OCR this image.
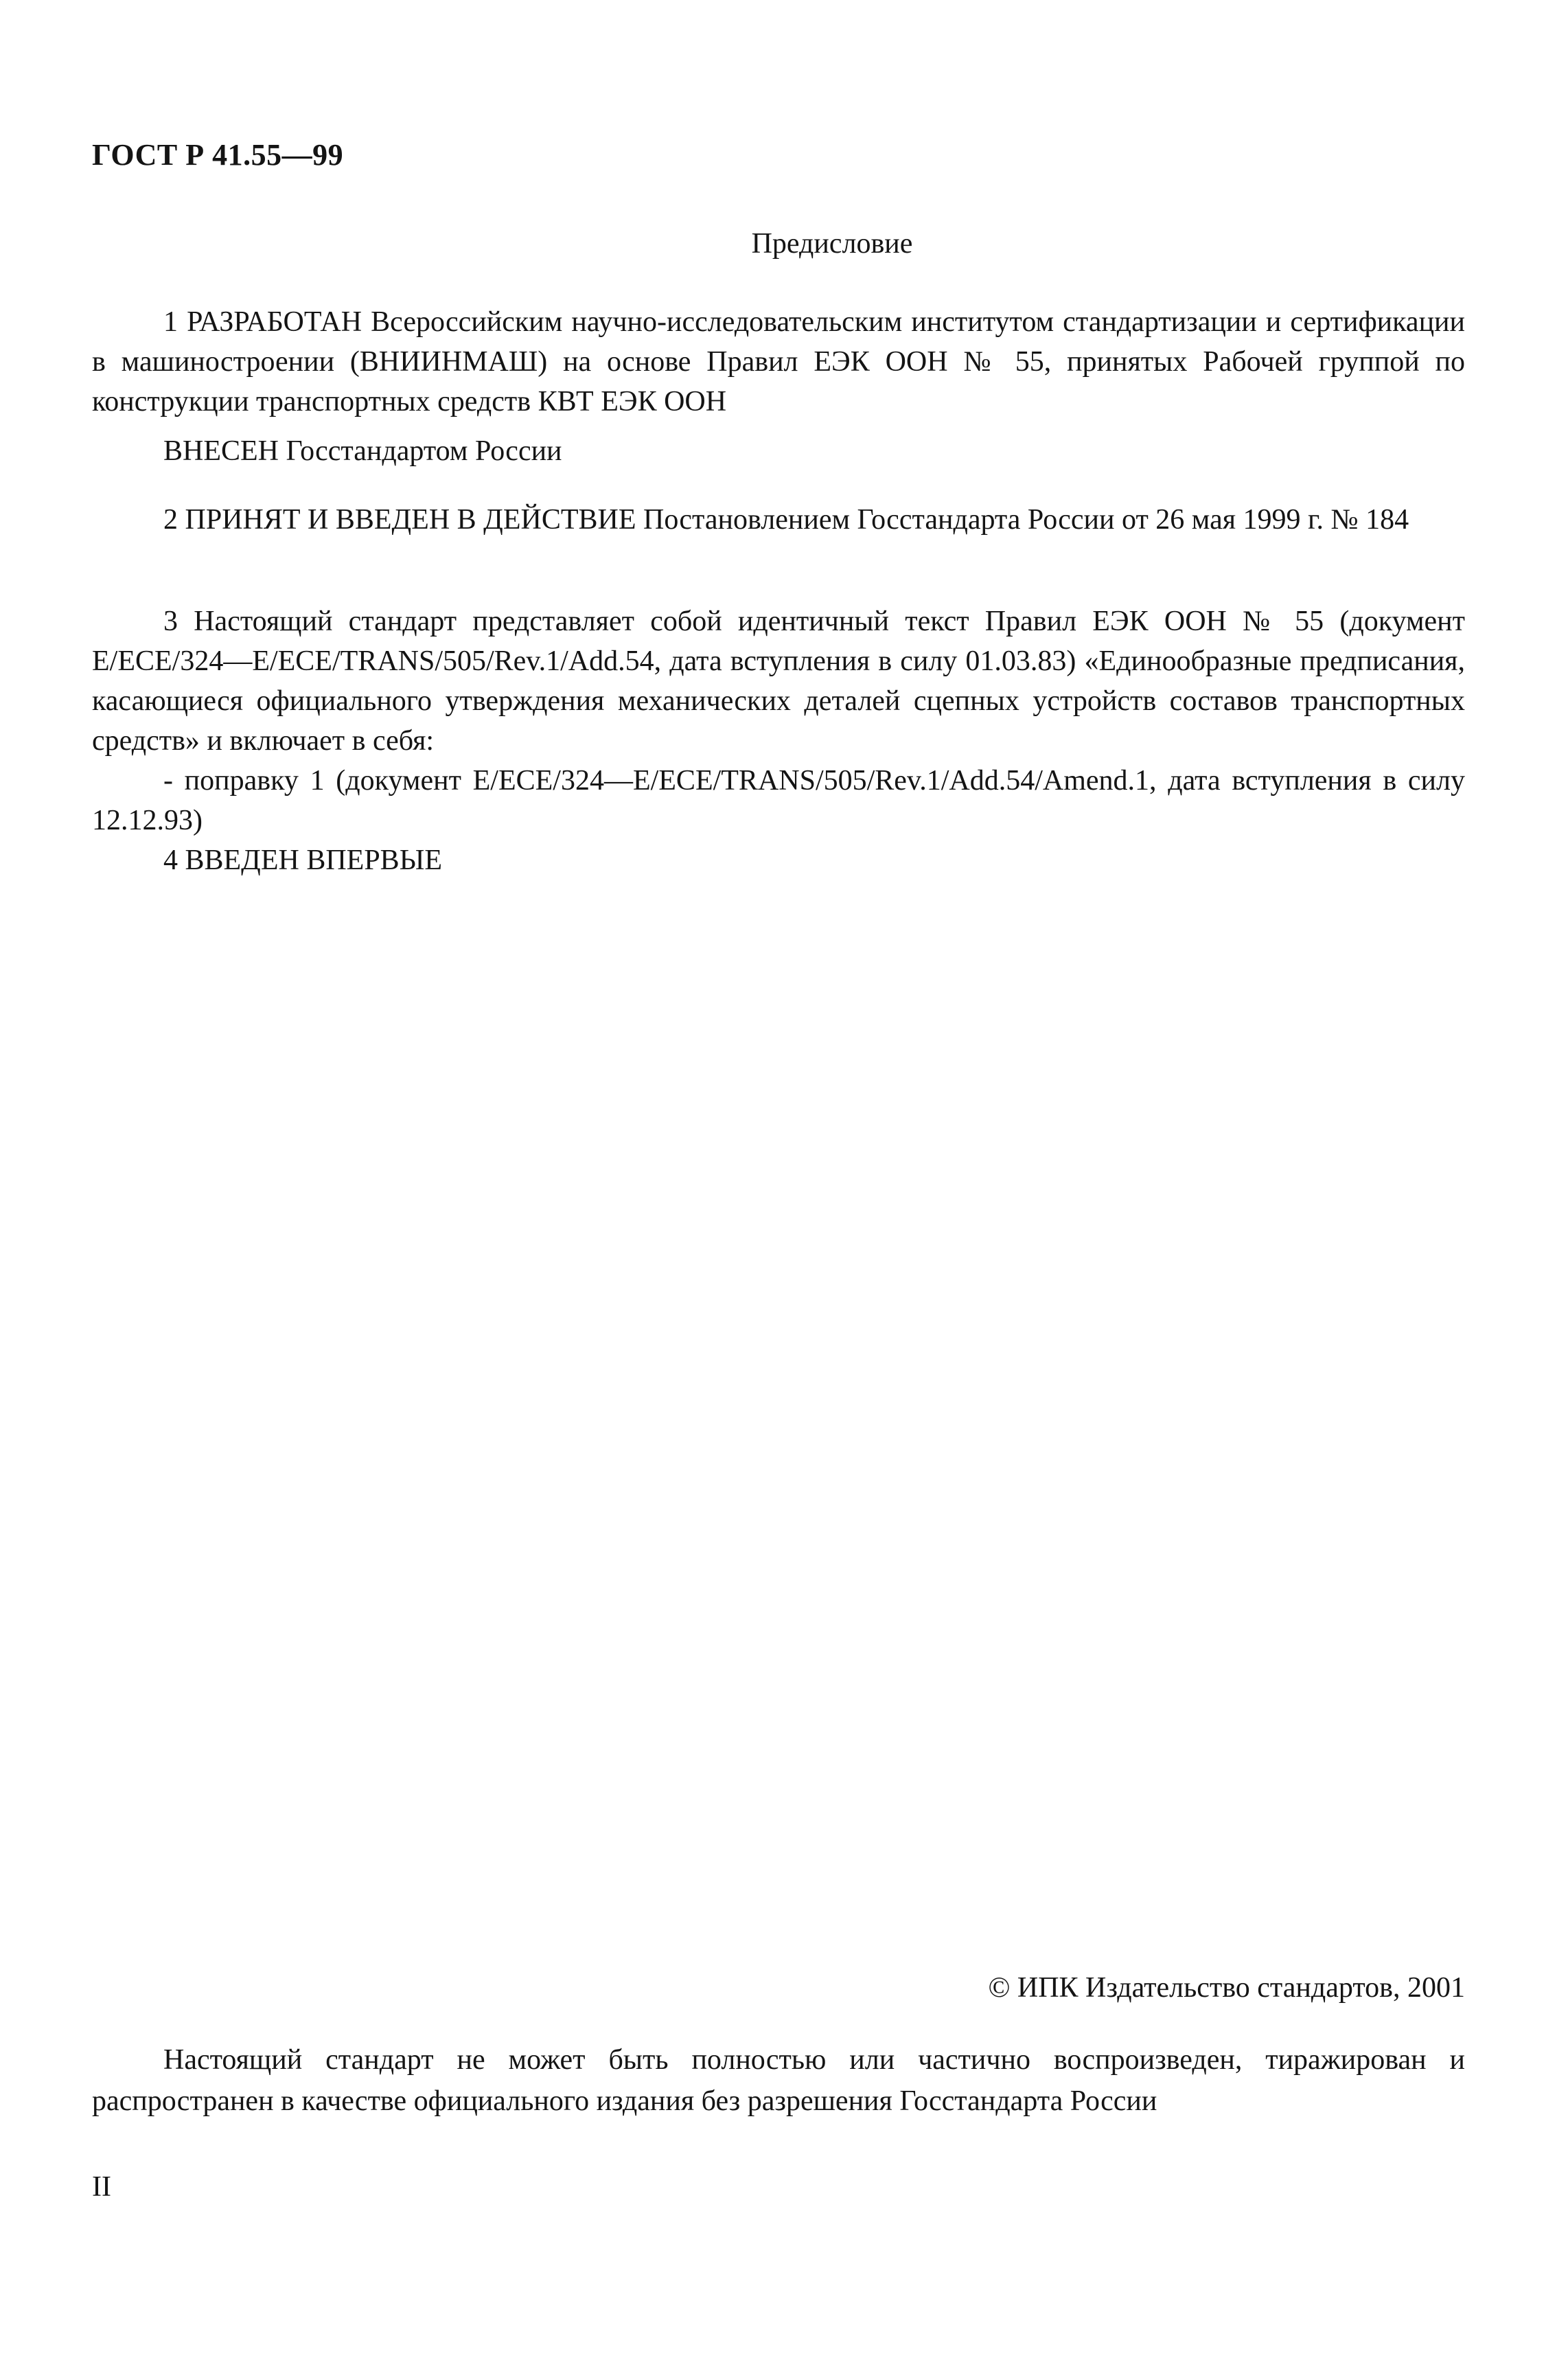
ГОСТ Р 41.55—99
Предисловие

1 РАЗРАБОТАН Всероссийским научно-исследовательским институтом стандартизации и сертификации в машиностроении (ВНИИНМАШ) на основе Правил ЕЭК ООН № 55, принятых Рабочей группой по конструкции транспортных средств КВТ ЕЭК ООН

ВНЕСЕН Госстандартом России

2 ПРИНЯТ И ВВЕДЕН В ДЕЙСТВИЕ Постановлением Госстандарта России от 26 мая 1999 г. № 184

3 Настоящий стандарт представляет собой идентичный текст Правил ЕЭК ООН № 55 (документ E/ECE/324—E/ECE/TRANS/505/Rev.1/Add.54, дата вступления в силу 01.03.83) «Единообразные предписания, касающиеся официального утверждения механических деталей сцепных устройств составов транспортных средств» и включает в себя:

- поправку 1 (документ E/ECE/324—E/ECE/TRANS/505/Rev.1/Add.54/Amend.1, дата вступления в силу 12.12.93)

4 ВВЕДЕН ВПЕРВЫЕ

© ИПК Издательство стандартов, 2001

Настоящий стандарт не может быть полностью или частично воспроизведен, тиражирован и распространен в качестве официального издания без разрешения Госстандарта России

II
